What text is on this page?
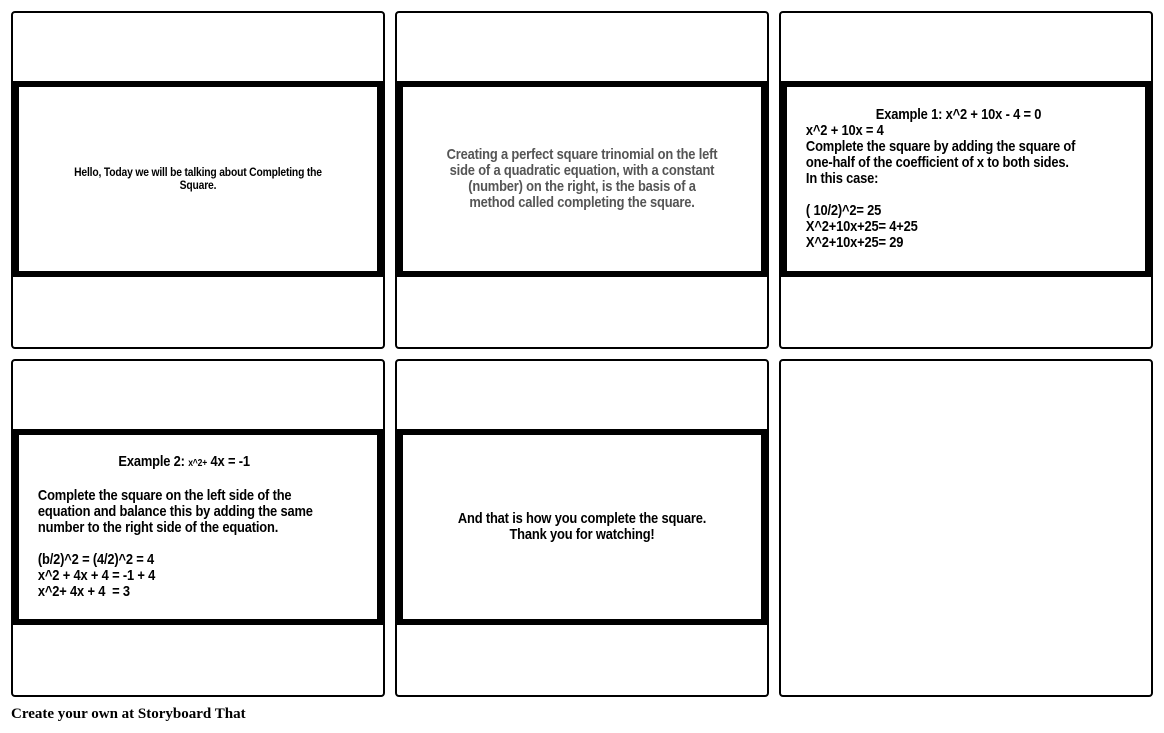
Hello, Today we will be talking about Completing the
Square.
Creating a perfect square trinomial on the left
side of a quadratic equation, with a constant
(number) on the right, is the basis of a
method called completing the square.
Example 1: x^2 + 10x - 4 = 0
x^2 + 10x = 4
Complete the square by adding the square of
one-half of the coefficient of x to both sides.
In this case:
( 10/2)^2= 25
X^2+10x+25= 4+25
X^2+10x+25= 29
Example 2: x^2+ 4x = -1
Complete the square on the left side of the
equation and balance this by adding the same
number to the right side of the equation.
(b/2)^2 = (4/2)^2 = 4
x^2 + 4x + 4 = -1 + 4
x^2+ 4x + 4  = 3
And that is how you complete the square.
Thank you for watching!
Create your own at Storyboard That
